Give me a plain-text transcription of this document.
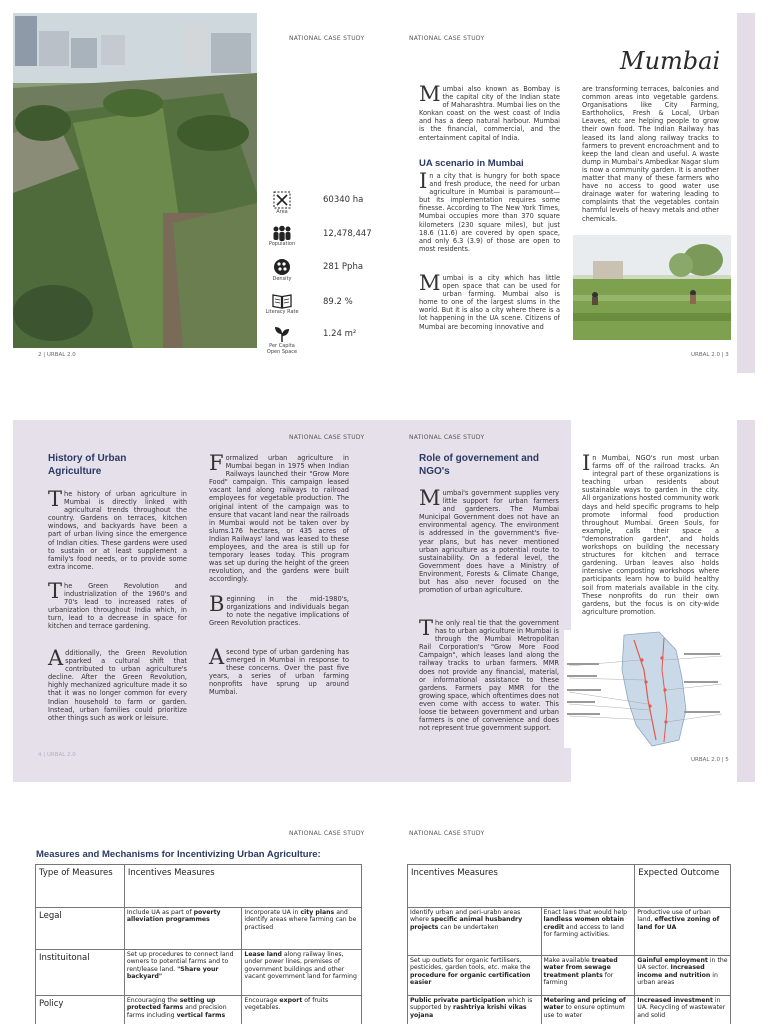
NATIONAL CASE STUDY
Area
60340 ha
Population
12,478,447
Density
281 Ppha
Literacy Rate
89.2 %
Per Capita Open Space
1.24 m²
2 | URBAL 2.0
NATIONAL CASE STUDY
Mumbai
Mumbai also known as Bombay is the capital city of the Indian state of Maharashtra. Mumbai lies on the Konkan coast on the west coast of India and has a deep natural harbour. Mumbai is the financial, commercial, and the entertainment capital of India.
UA scenario in Mumbai
In a city that is hungry for both space and fresh produce, the need for urban agriculture in Mumbai is paramount— but its implementation requires some finesse. According to The New York Times, Mumbai occupies more than 370 square kilometers (230 square miles), but just 18.6 (11.6) are covered by open space, and only 6.3 (3.9) of those are open to most residents.
Mumbai is a city which has little open space that can be used for urban farming. Mumbai also is home to one of the largest slums in the world. But it is also a city where there is a lot happening in the UA scene. Citizens of Mumbai are becoming innovative and
are transforming terraces, balconies and common areas into vegetable gardens. Organisations like City Farming, Earthoholics, Fresh & Local, Urban Leaves, etc are helping people to grow their own food. The Indian Railway has leased its land along railway tracks to farmers to prevent encroachment and to keep the land clean and useful. A waste dump in Mumbai's Ambedkar Nagar slum is now a community garden. It is another matter that many of these farmers who have no access to good water use drainage water for watering leading to complaints that the vegetables contain harmful levels of heavy metals and other chemicals.
URBAL 2.0 | 3
NATIONAL CASE STUDY
History of Urban Agriculture
The history of urban agriculture in Mumbai is directly linked with agricultural trends throughout the country. Gardens on terraces, kitchen windows, and backyards have been a part of urban living since the emergence of Indian cities. These gardens were used to sustain or at least supplement a family's food needs, or to provide some extra income.
The Green Revolution and industrialization of the 1960's and 70's lead to increased rates of urbanization throughout India which, in turn, lead to a decrease in space for kitchen and terrace gardening.
Additionally, the Green Revolution sparked a cultural shift that contributed to urban agriculture's decline. After the Green Revolution, highly mechanized agriculture made it so that it was no longer common for every Indian household to farm or garden. Instead, urban families could prioritize other things such as work or leisure.
Formalized urban agriculture in Mumbai began in 1975 when Indian Railways launched their "Grow More Food" campaign. This campaign leased vacant land along railways to railroad employees for vegetable production. The original intent of the campaign was to ensure that vacant land near the railroads in Mumbai would not be taken over by slums.176 hectares, or 435 acres of Indian Railways' land was leased to these employees, and the area is still up for temporary leases today. This program was set up during the height of the green revolution, and the gardens were built accordingly.
Beginning in the mid-1980's, organizations and individuals began to note the negative implications of Green Revolution practices.
Asecond type of urban gardening has emerged in Mumbai in response to these concerns. Over the past five years, a series of urban farming nonprofits have sprung up around Mumbai.
4 | URBAL 2.0
NATIONAL CASE STUDY
Role of governement and NGO's
Mumbai's government supplies very little support for urban farmers and gardeners. The Mumbai Municipal Government does not have an environmental agency. The environment is addressed in the government's five-year plans, but has never mentioned urban agriculture as a potential route to sustainability. On a federal level, the Government does have a Ministry of Environment, Forests & Climate Change, but has also never focused on the promotion of urban agriculture.
The only real tie that the government has to urban agriculture in Mumbai is through the Mumbai Metropolitan Rail Corporation's "Grow More Food Campaign", which leases land along the railway tracks to urban farmers. MMR does not provide any financial, material, or informational assistance to these gardens. Farmers pay MMR for the growing space, which oftentimes does not even come with access to water. This loose tie between government and urban farmers is one of convenience and does not represent true government support.
In Mumbai, NGO's run most urban farms off of the railroad tracks. An integral part of these organizations is teaching urban residents about sustainable ways to garden in the city. All organizations hosted community work days and held specific programs to help promote informal food production throughout Mumbai. Green Souls, for example, calls their space a "demonstration garden", and holds workshops on building the necessary structures for kitchen and terrace gardening. Urban leaves also holds intensive composting workshops where participants learn how to build healthy soil from materials available in the city. These nonprofits do run their own gardens, but the focus is on city-wide agriculture promotion.
URBAL 2.0 | 5
NATIONAL CASE STUDY
Measures and Mechanisms for Incentivizing Urban Agriculture:
Type of Measures	Incentives Measures	
Legal	Include UA as part of poverty alleviation programmes	Incorporate UA in city plans and identify areas where farming can be practised
Instituitonal	Set up procedures to connect land owners to potential farms and to rent/lease land. "Share your backyard"	Lease land along railway lines, under power lines, premises of government buildings and other vacant government land for farming
Policy	Encouraging the setting up protected farms and precision farms including vertical farms	Encourage export of fruits vegetables.
NATIONAL CASE STUDY
Incentives Measures		Expected Outcome
Identify urban and peri-urabn areas where specific animal husbandry projects can be undertaken	Enact laws that would help landless women obtain credit and access to land for farming activities.	Productive use of urban land, effective zoning of land for UA
Set up outlets for organic fertilisers, pesticides, garden tools, etc. make the procedure for organic certification easier	Make available treated water from sewage treatment plants for farming	Gainful employment in the UA sector. Increased income and nutrition in urban areas
Public private participation which is supported by rashtriya krishi vikas yojana	Metering and pricing of water to ensure optimum use to water	Increased investment in UA. Recycling of wastewater and solid
